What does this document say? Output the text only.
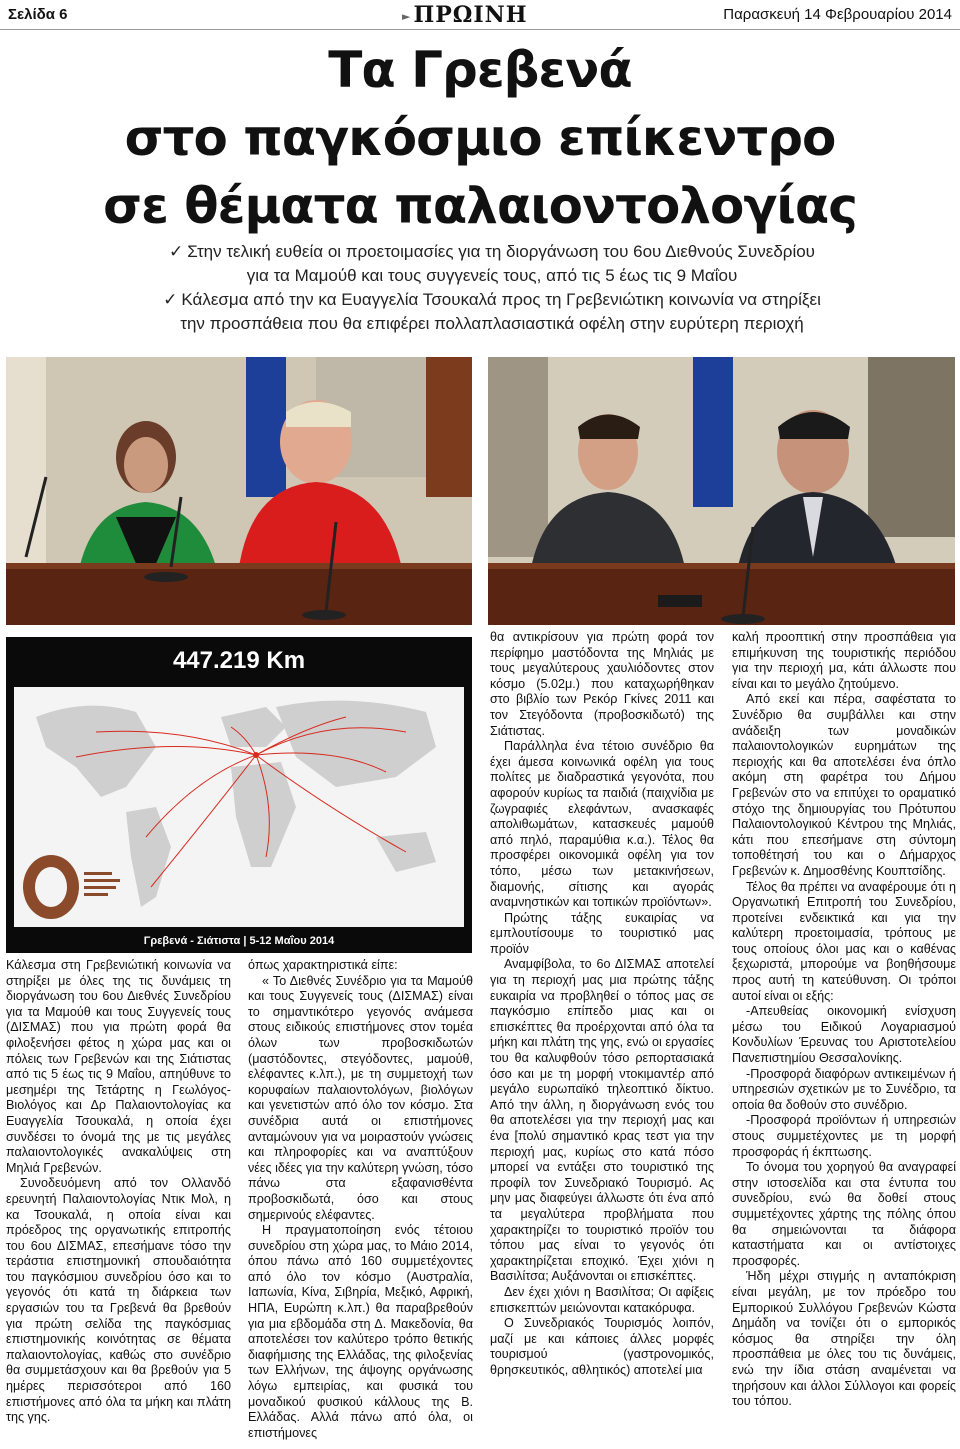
Σελίδα 6	►ΠΡΩΙΝΗ	Παρασκευή 14 Φεβρουαρίου 2014
Τα Γρεβενά
στο παγκόσμιο επίκεντρο
σε θέματα παλαιοντολογίας
✓ Στην τελική ευθεία οι προετοιμασίες για τη διοργάνωση του 6ου Διεθνούς Συνεδρίου
για τα Μαμούθ και τους συγγενείς τους, από τις 5 έως τις 9 Μαΐου
✓ Κάλεσμα από την κα Ευαγγελία Τσουκαλά προς τη Γρεβενιώτικη κοινωνία να στηρίξει
την προσπάθεια που θα επιφέρει πολλαπλασιαστικά οφέλη στην ευρύτερη περιοχή
447.219 Km
Γρεβενά - Σιάτιστα | 5-12 Μαΐου 2014

Κάλεσμα στη Γρεβενιώτική κοινωνία να στηρίξει με όλες της τις δυνάμεις τη διοργάνωση του 6ου Διεθνές Συνεδρίου για τα Μαμούθ και τους Συγγενείς τους (ΔΙΣΜΑΣ) που για πρώτη φορά θα φιλοξενήσει φέτος η χώρα μας και οι πόλεις των Γρεβενών και της Σιάτιστας από τις 5 έως τις 9 Μαΐου, απηύθυνε το μεσημέρι της Τετάρτης η Γεωλόγος-Βιολόγος και Δρ Παλαιοντολογίας κα Ευαγγελία Τσουκαλά, η οποία έχει συνδέσει το όνομά της με τις μεγάλες παλαιοντολογικές ανακαλύψεις στη Μηλιά Γρεβενών.

Συνοδευόμενη από τον Ολλανδό ερευνητή Παλαιοντολογίας Ντικ Μολ, η κα Τσουκαλά, η οποία είναι και πρόεδρος της οργανωτικής επιτροπής του 6ου ΔΙΣΜΑΣ, επεσήμανε τόσο την τεράστια επιστημονική σπουδαιότητα του παγκόσμιου συνεδρίου όσο και το γεγονός ότι κατά τη διάρκεια των εργασιών του τα Γρεβενά θα βρεθούν για πρώτη σελίδα της παγκόσμιας επιστημονικής κοινότητας σε θέματα παλαιοντολογίας, καθώς στο συνέδριο θα συμμετάσχουν και θα βρεθούν για 5 ημέρες περισσότεροι από 160 επιστήμονες από όλα τα μήκη και πλάτη της γης.

όπως χαρακτηριστικά είπε:

« Το Διεθνές Συνέδριο για τα Μαμούθ και τους Συγγενείς τους (ΔΙΣΜΑΣ) είναι το σημαντικότερο γεγονός ανάμεσα στους ειδικούς επιστήμονες στον τομέα όλων των προβοσκιδωτών (μαστόδοντες, στεγόδοντες, μαμούθ, ελέφαντες κ.λπ.), με τη συμμετοχή των κορυφαίων παλαιοντολόγων, βιολόγων και γενετιστών από όλο τον κόσμο. Στα συνέδρια αυτά οι επιστήμονες ανταμώνουν για να μοιραστούν γνώσεις και πληροφορίες και να αναπτύξουν νέες ιδέες για την καλύτερη γνώση, τόσο πάνω στα εξαφανισθέντα προβοσκιδωτά, όσο και στους σημερινούς ελέφαντες.

Η πραγματοποίηση ενός τέτοιου συνεδρίου στη χώρα μας, το Μάιο 2014, όπου πάνω από 160 συμμετέχοντες από όλο τον κόσμο (Αυστραλία, Ιαπωνία, Κίνα, Σιβηρία, Μεξικό, Αφρική, ΗΠΑ, Ευρώπη κ.λπ.) θα παραβρεθούν για μια εβδομάδα στη Δ. Μακεδονία, θα αποτελέσει τον καλύτερο τρόπο θετικής διαφήμισης της Ελλάδας, της φιλοξενίας των Ελλήνων, της άψογης οργάνωσης λόγω εμπειρίας, και φυσικά του μοναδικού φυσικού κάλλους της Β. Ελλάδας. Αλλά πάνω από όλα, οι επιστήμονες

θα αντικρίσουν για πρώτη φορά τον περίφημο μαστόδοντα της Μηλιάς με τους μεγαλύτερους χαυλιόδοντες στον κόσμο (5.02μ.) που καταχωρήθηκαν στο βιβλίο των Ρεκόρ Γκίνες 2011 και τον Στεγόδοντα (προβοσκιδωτό) της Σιάτιστας.

Παράλληλα ένα τέτοιο συνέδριο θα έχει άμεσα κοινωνικά οφέλη για τους πολίτες με διαδραστικά γεγονότα, που αφορούν κυρίως τα παιδιά (παιχνίδια με ζωγραφιές ελεφάντων, ανασκαφές απολιθωμάτων, κατασκευές μαμούθ από πηλό, παραμύθια κ.α.). Τέλος θα προσφέρει οικονομικά οφέλη για τον τόπο, μέσω των μετακινήσεων, διαμονής, σίτισης και αγοράς αναμνηστικών και τοπικών προϊόντων».

Πρώτης τάξης ευκαιρίας να εμπλουτίσουμε το τουριστικό μας προϊόν

Αναμφίβολα, το 6ο ΔΙΣΜΑΣ αποτελεί για τη περιοχή μας μια πρώτης τάξης ευκαιρία να προβληθεί ο τόπος μας σε παγκόσμιο επίπεδο μιας και οι επισκέπτες θα προέρχονται από όλα τα μήκη και πλάτη της γης, ενώ οι εργασίες του θα καλυφθούν τόσο ρεπορτασιακά όσο και με τη μορφή ντοκιμαντέρ από μεγάλο ευρωπαϊκό τηλεοπτικό δίκτυο. Από την άλλη, η διοργάνωση ενός του θα αποτελέσει για την περιοχή μας και ένα [πολύ σημαντικό κρας τεστ για την περιοχή μας, κυρίως στο κατά πόσο μπορεί να εντάξει στο τουριστικό της προφίλ τον Συνεδριακό Τουρισμό. Ας μην μας διαφεύγει άλλωστε ότι ένα από τα μεγαλύτερα προβλήματα που χαρακτηρίζει το τουριστικό προϊόν του τόπου μας είναι το γεγονός ότι χαρακτηρίζεται εποχικό. Έχει χιόνι η Βασιλίτσα; Αυξάνονται οι επισκέπτες.

Δεν έχει χιόνι η Βασιλίτσα; Οι αφίξεις επισκεπτών μειώνονται κατακόρυφα.

Ο Συνεδριακός Τουρισμός λοιπόν, μαζί με και κάποιες άλλες μορφές τουρισμού (γαστρονομικός, θρησκευτικός, αθλητικός) αποτελεί μια

καλή προοπτική στην προσπάθεια για επιμήκυνση της τουριστικής περιόδου για την περιοχή μα, κάτι άλλωστε που είναι και το μεγάλο ζητούμενο.

Από εκεί και πέρα, σαφέστατα το Συνέδριο θα συμβάλλει και στην ανάδειξη των μοναδικών παλαιοντολογικών ευρημάτων της περιοχής και θα αποτελέσει ένα όπλο ακόμη στη φαρέτρα του Δήμου Γρεβενών στο να επιτύχει το οραματικό στόχο της δημιουργίας του Πρότυπου Παλαιοντολογικού Κέντρου της Μηλιάς, κάτι που επεσήμανε στη σύντομη τοποθέτησή του και ο Δήμαρχος Γρεβενών κ. Δημοσθένης Κουπτσίδης.

Τέλος θα πρέπει να αναφέρουμε ότι η Οργανωτική Επιτροπή του Συνεδρίου, προτείνει ενδεικτικά και για την καλύτερη προετοιμασία, τρόπους με τους οποίους όλοι μας και ο καθένας ξεχωριστά, μπορούμε να βοηθήσουμε προς αυτή τη κατεύθυνση. Οι τρόποι αυτοί είναι οι εξής:

-Απευθείας οικονομική ενίσχυση μέσω του Ειδικού Λογαριασμού Κονδυλίων Έρευνας του Αριστοτελείου Πανεπιστημίου Θεσσαλονίκης.

-Προσφορά διαφόρων αντικειμένων ή υπηρεσιών σχετικών με το Συνέδριο, τα οποία θα δοθούν στο συνέδριο.

-Προσφορά προϊόντων ή υπηρεσιών στους συμμετέχοντες με τη μορφή προσφοράς ή έκπτωσης.

Το όνομα του χορηγού θα αναγραφεί στην ιστοσελίδα και στα έντυπα του συνεδρίου, ενώ θα δοθεί στους συμμετέχοντες χάρτης της πόλης όπου θα σημειώνονται τα διάφορα καταστήματα και οι αντίστοιχες προσφορές.

Ήδη μέχρι στιγμής η ανταπόκριση είναι μεγάλη, με τον πρόεδρο του Εμπορικού Συλλόγου Γρεβενών Κώστα Δημάδη να τονίζει ότι ο εμπορικός κόσμος θα στηρίξει την όλη προσπάθεια με όλες του τις δυνάμεις, ενώ την ίδια στάση αναμένεται να τηρήσουν και άλλοι Σύλλογοι και φορείς του τόπου.
